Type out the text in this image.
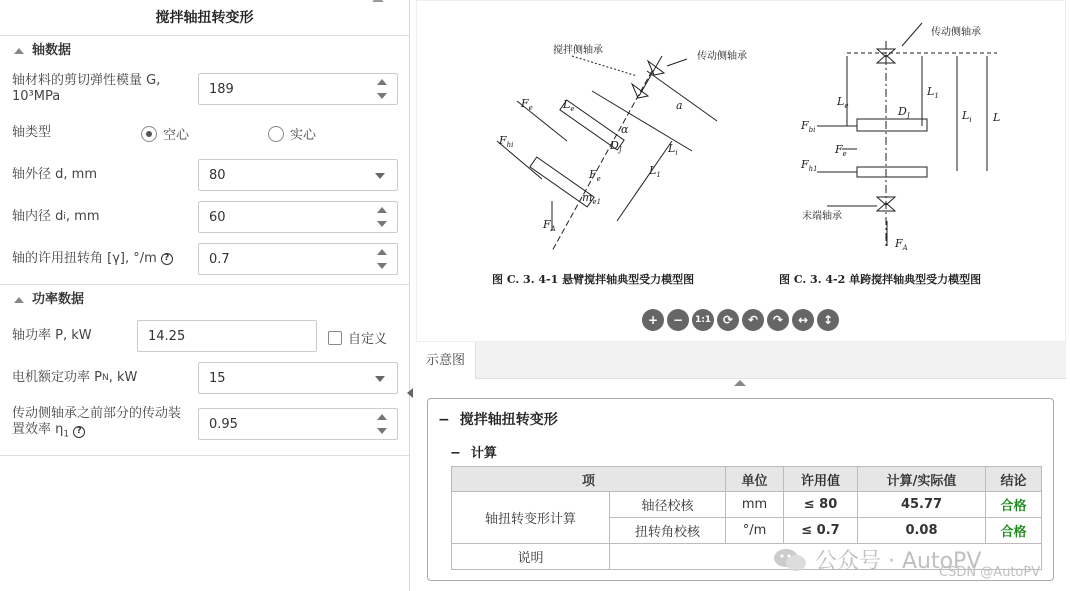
搅拌轴扭转变形
轴数据
轴材料的剪切弹性模量 G,
10³MPa	189
轴类型	空心	实心
轴外径 d, mm	80
轴内径 d i , mm	60
轴的许用扭转角 [γ], °/m ?	0.7
功率数据
轴功率 P, kW	14.25	自定义
电机额定功率 P N , kW	15
传动侧轴承之前部分的传动装
置效率 $\eta_1$ ?	0.95
搅拌侧轴承
传动侧轴承
传动侧轴承
末端轴承
$F_e$
$F_{hi}$
$F_A$
$L_e$
$D_J$	$L_i$
$L_1$
a
α
$F_e$
$m_{e1}$
$F_{bi}$
$F_e$
$F_{h1}$
$F_A$
$L_e$	$D_J$
$L_1$
$L_i$ L
图 C. 3. 4-1 悬臂搅拌轴典型受力模型图	图 C. 3. 4-2 单跨搅拌轴典型受力模型图
+	−	1:1 ⟳	↶	↷	↔	↕
示意图
− 搅拌轴扭转变形
− 计算
项		单位	许用值	计算/实际值	结论
轴扭转变形计算	轴径校核	mm	≤ 80	45.77	合格
	扭转角校核	°/m	≤ 0.7	0.08	合格
说明						公众号 · AutoPV
CSDN @AutoPV
